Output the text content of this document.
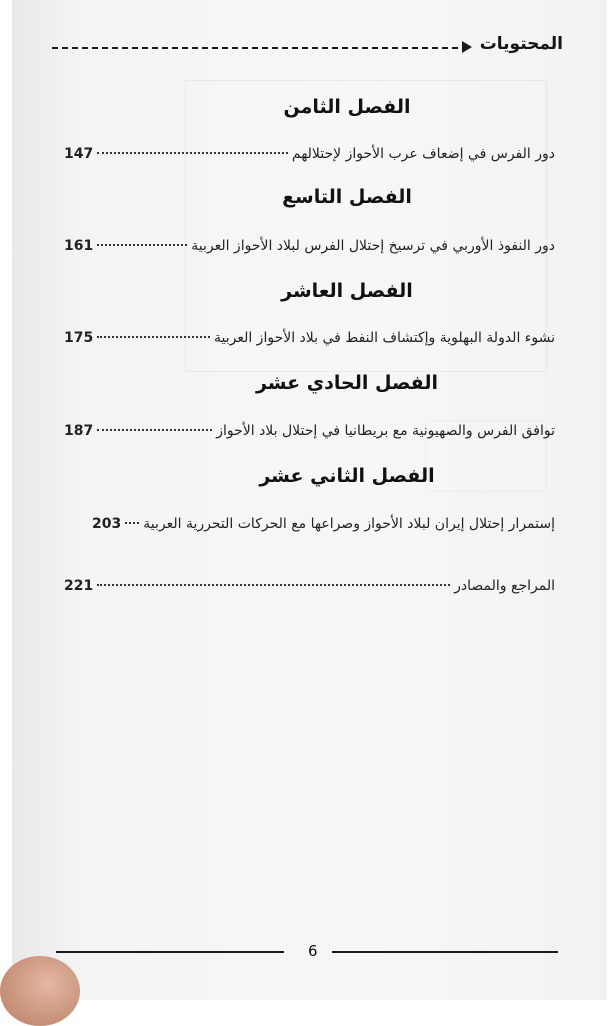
المحتويات
الفصل الثامن
دور الفرس في إضعاف عرب الأحواز لإحتلالهم
147
الفصل التاسع
دور النفوذ الأوربي في ترسيخ إحتلال الفرس لبلاد الأحواز العربية
161
الفصل العاشر
نشوء الدولة البهلوية وإكتشاف النفط في بلاد الأحواز العربية
175
الفصل الحادي عشر
توافق الفرس والصهيونية مع بريطانيا في إحتلال بلاد الأحواز
187
الفصل الثاني عشر
إستمرار إحتلال إيران لبلاد الأحواز وصراعها مع الحركات التحررية العربية
203
المراجع والمصادر
221
6
